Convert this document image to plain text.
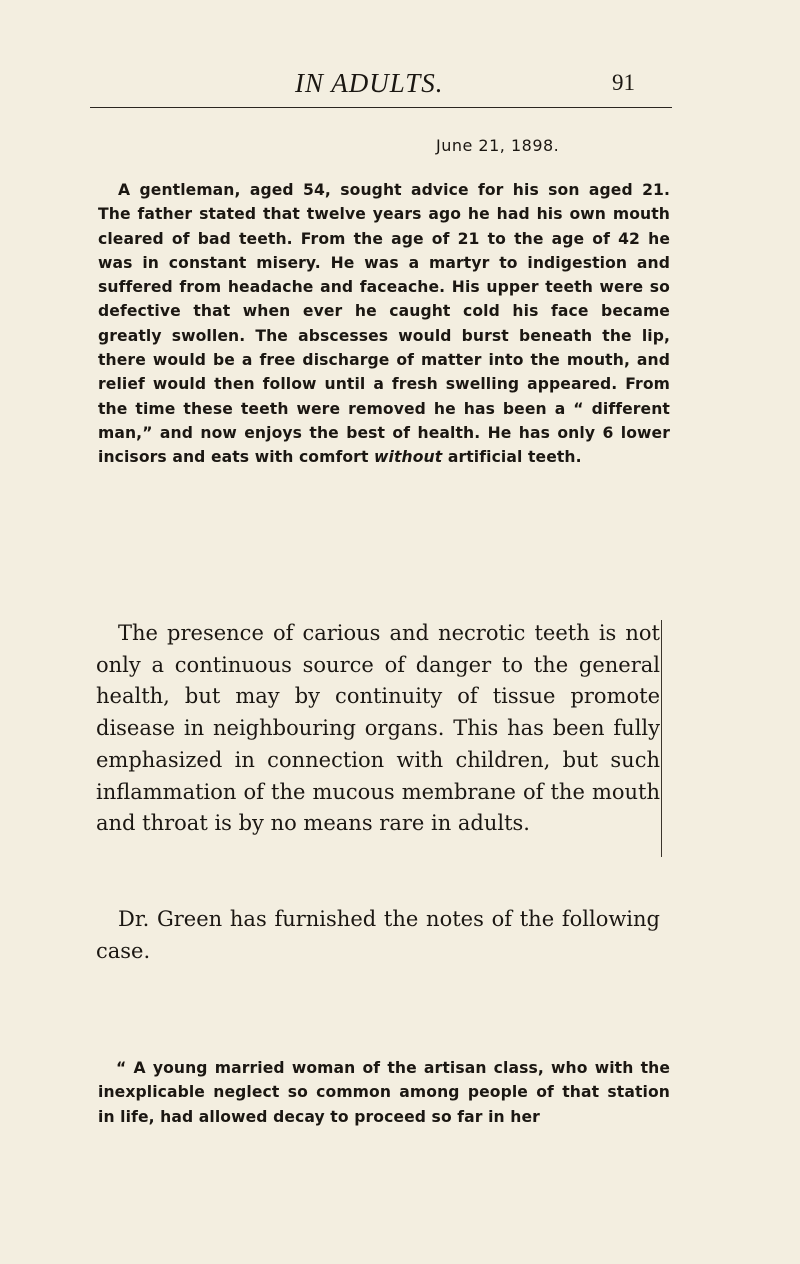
IN ADULTS.	91
June 21, 1898.

A gentleman, aged 54, sought advice for his son aged 21. The father stated that twelve years ago he had his own mouth cleared of bad teeth. From the age of 21 to the age of 42 he was in constant misery. He was a martyr to indigestion and suffered from headache and faceache. His upper teeth were so defective that when ever he caught cold his face became greatly swollen. The abscesses would burst beneath the lip, there would be a free discharge of matter into the mouth, and relief would then follow until a fresh swelling appeared. From the time these teeth were removed he has been a “ different man,” and now enjoys the best of health. He has only 6 lower incisors and eats with comfort without artificial teeth.

The presence of carious and necrotic teeth is not only a continuous source of danger to the general health, but may by continuity of tissue promote disease in neighbouring organs. This has been fully emphasized in connection with children, but such inflammation of the mucous membrane of the mouth and throat is by no means rare in adults.

Dr. Green has furnished the notes of the following case.

“ A young married woman of the artisan class, who with the inexplicable neglect so common among people of that station in life, had allowed decay to proceed so far in her
